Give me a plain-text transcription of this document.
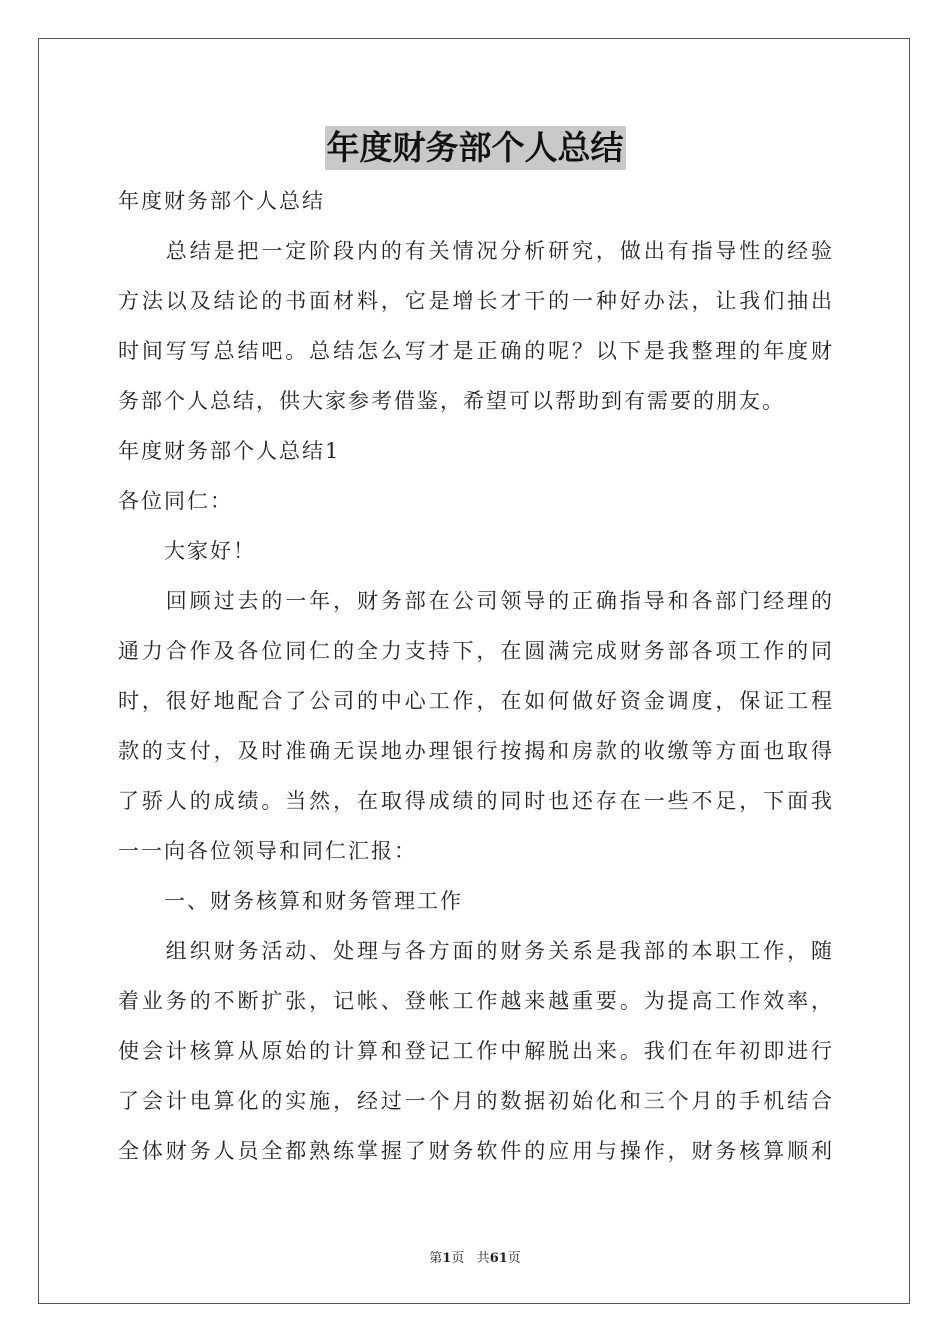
年度财务部个人总结
年度财务部个人总结
　　总结是把一定阶段内的有关情况分析研究，做出有指导性的经验
方法以及结论的书面材料，它是增长才干的一种好办法，让我们抽出
时间写写总结吧。总结怎么写才是正确的呢？以下是我整理的年度财
务部个人总结，供大家参考借鉴，希望可以帮助到有需要的朋友。
年度财务部个人总结1
各位同仁：
　　大家好！
　　回顾过去的一年，财务部在公司领导的正确指导和各部门经理的
通力合作及各位同仁的全力支持下，在圆满完成财务部各项工作的同
时，很好地配合了公司的中心工作，在如何做好资金调度，保证工程
款的支付，及时准确无误地办理银行按揭和房款的收缴等方面也取得
了骄人的成绩。当然，在取得成绩的同时也还存在一些不足，下面我
一一向各位领导和同仁汇报：
　　一、财务核算和财务管理工作
　　组织财务活动、处理与各方面的财务关系是我部的本职工作，随
着业务的不断扩张，记帐、登帐工作越来越重要。为提高工作效率，
使会计核算从原始的计算和登记工作中解脱出来。我们在年初即进行
了会计电算化的实施，经过一个月的数据初始化和三个月的手机结合
全体财务人员全都熟练掌握了财务软件的应用与操作，财务核算顺利
第1页 共61页
